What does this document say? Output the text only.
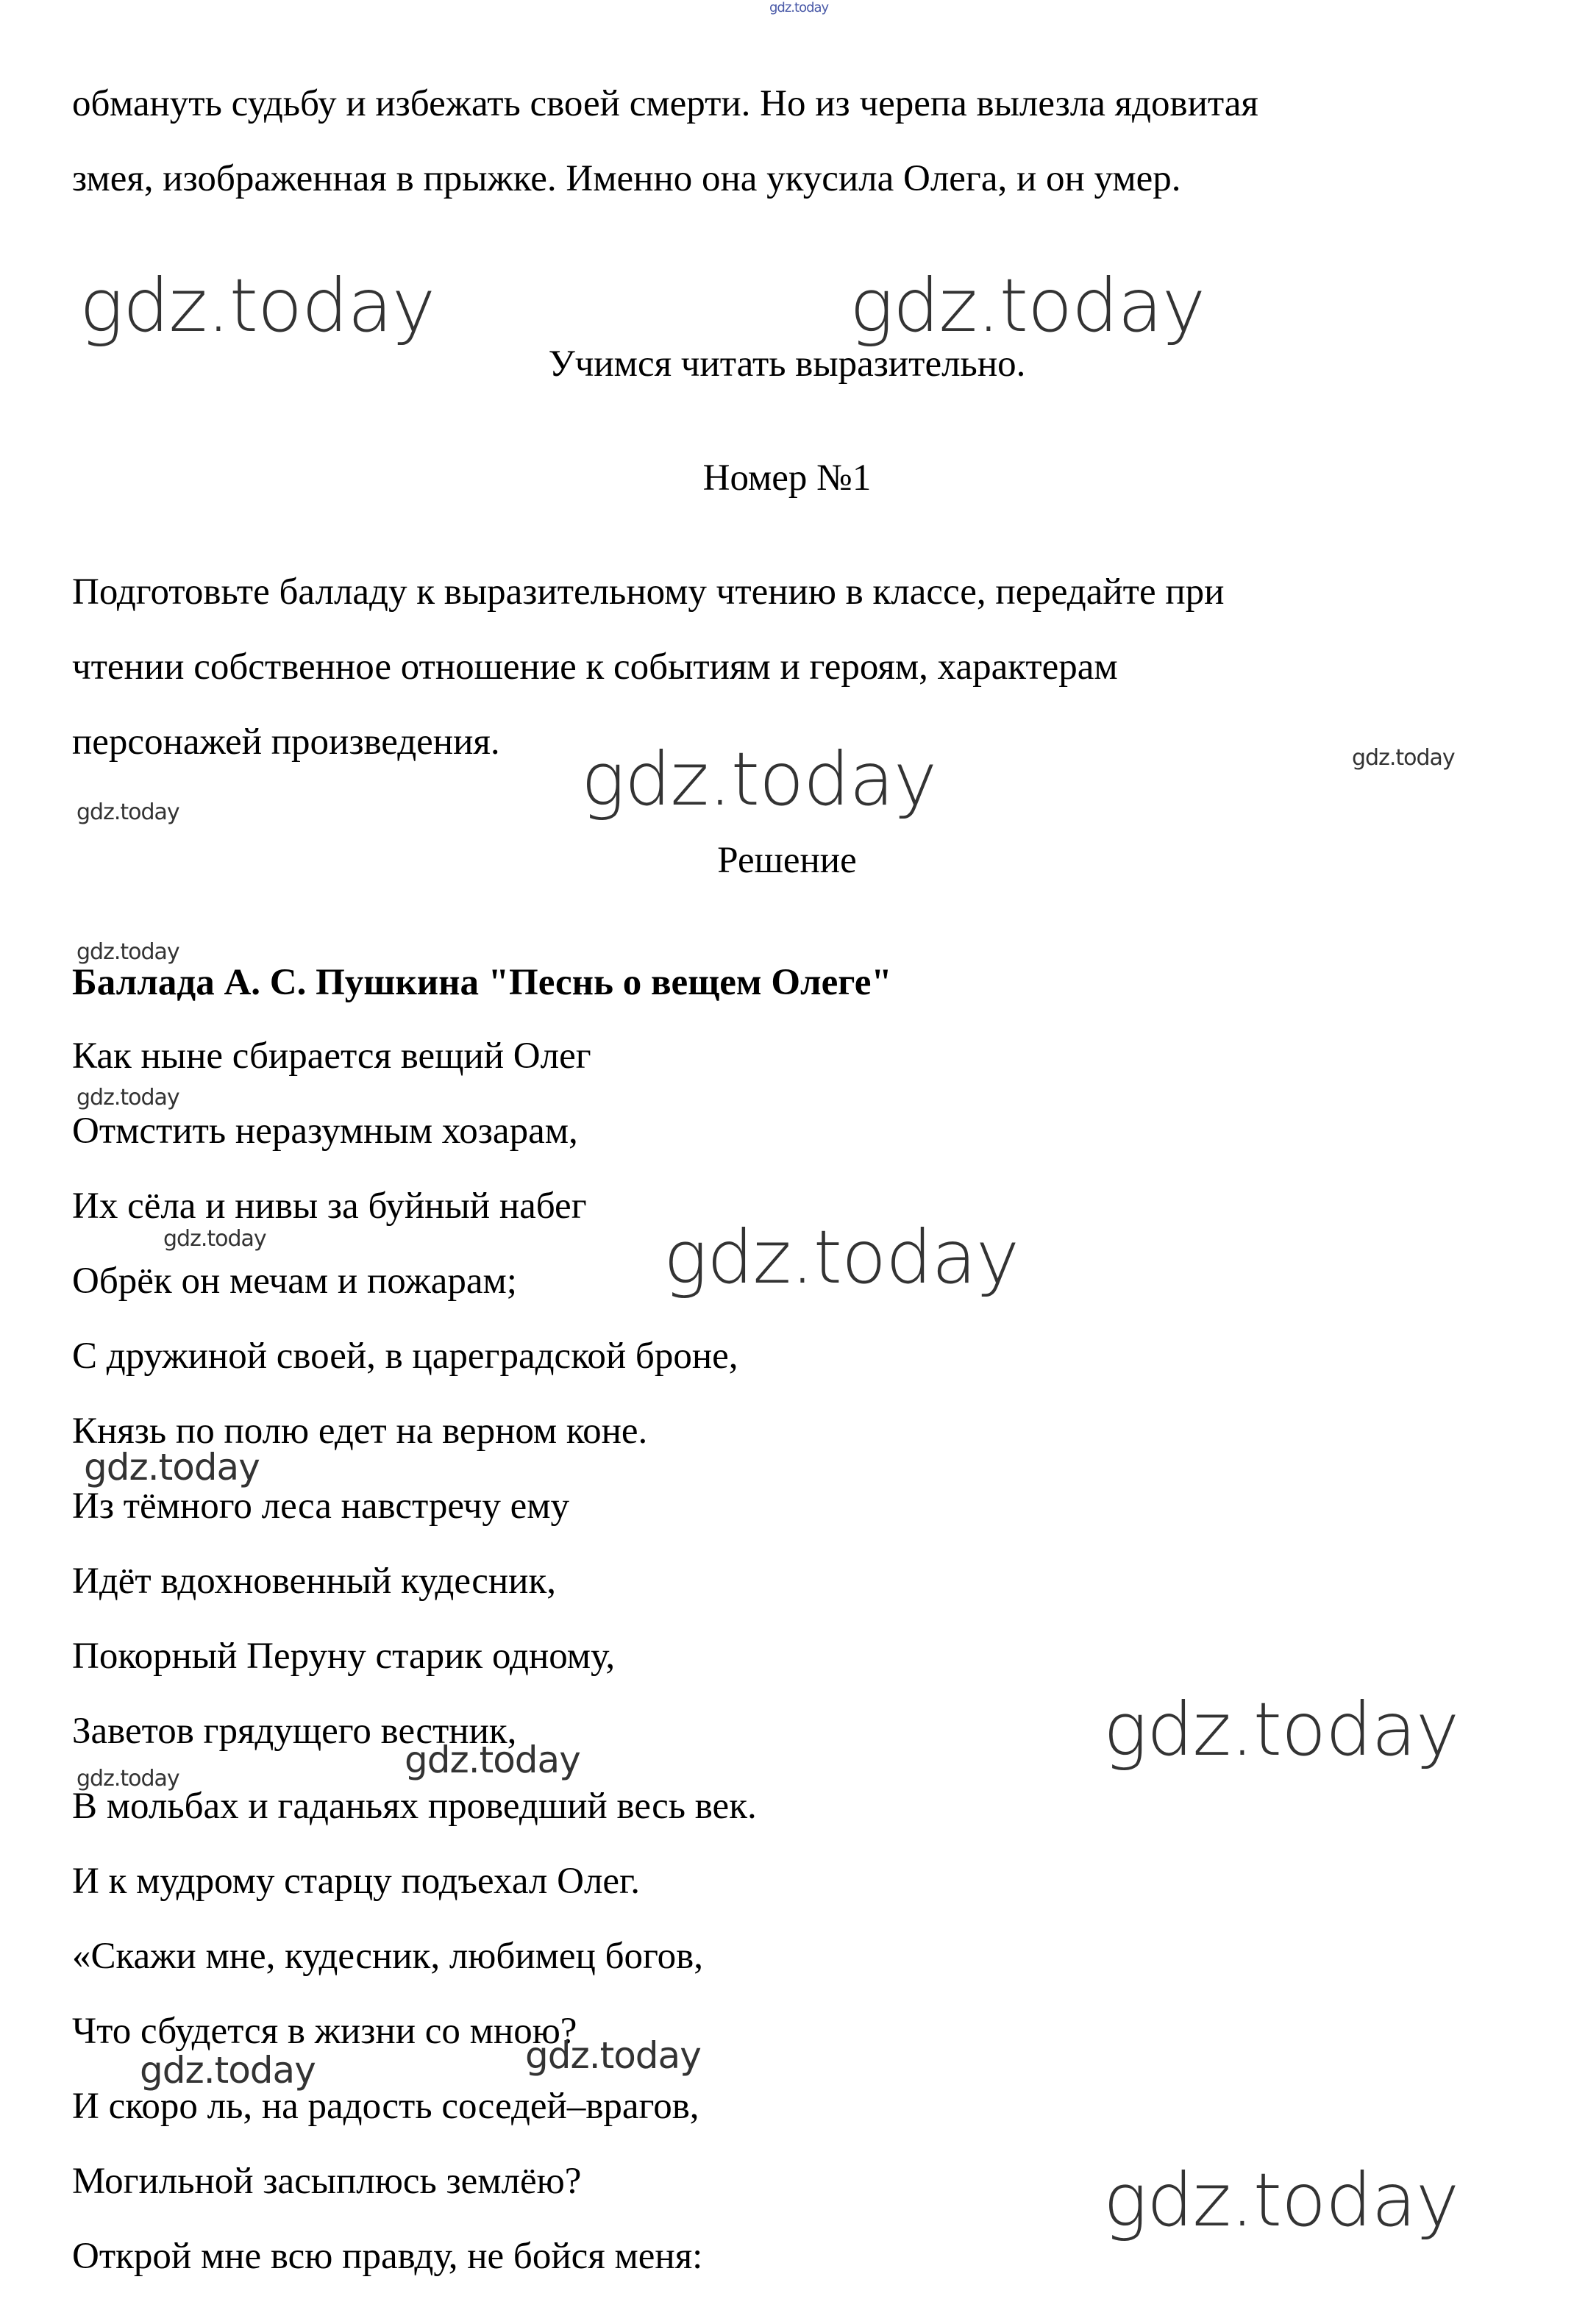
gdz.today

обмануть судьбу и избежать своей смерти. Но из черепа вылезла ядовитая

змея, изображенная в прыжке. Именно она укусила Олега, и он умер.

gdz.today	gdz.today

Учимся читать выразительно.

Номер №1

Подготовьте балладу к выразительному чтению в классе, передайте при

чтении собственное отношение к событиям и героям, характерам

персонажей произведения.	gdz.today
gdz.today
gdz.today

Решение

gdz.today

Баллада А. С. Пушкина "Песнь о вещем Олеге"

Как ныне сбирается вещий Олег

gdz.today

Отмстить неразумным хозарам,

Их сёла и нивы за буйный набег

gdz.today

Обрёк он мечам и пожарам; gdz.today

С дружиной своей, в цареградской броне,

Князь по полю едет на верном коне.

gdz.today

Из тёмного леса навстречу ему

Идёт вдохновенный кудесник,

Покорный Перуну старик одному,

Заветов грядущего вестник,	gdz.today
gdz.today
gdz.today

В мольбах и гаданьях проведший весь век.

И к мудрому старцу подъехал Олег.

«Скажи мне, кудесник, любимец богов,

Что сбудется в жизни со мною?

gdz.today
gdz.today

И скоро ль, на радость соседей–врагов,

Могильной засыплюсь землёю?	gdz.today

Открой мне всю правду, не бойся меня:
